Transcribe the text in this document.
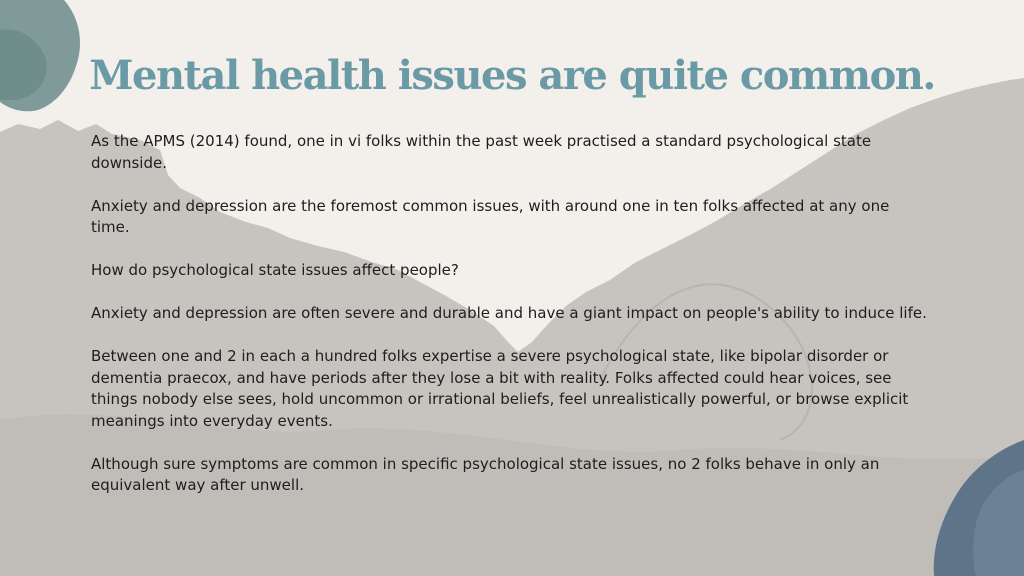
Mental health issues are quite common.

As the APMS (2014) found, one in vi folks within the past week practised a standard psychological state downside.

Anxiety and depression are the foremost common issues, with around one in ten folks affected at any one time.

How do psychological state issues affect people?

Anxiety and depression are often severe and durable and have a giant impact on people's ability to induce life.

Between one and 2 in each a hundred folks expertise a severe psychological state, like bipolar disorder or dementia praecox, and have periods after they lose a bit with reality. Folks affected could hear voices, see things nobody else sees, hold uncommon or irrational beliefs, feel unrealistically powerful, or browse explicit meanings into everyday events.

Although sure symptoms are common in specific psychological state issues, no 2 folks behave in only an equivalent way after unwell.
